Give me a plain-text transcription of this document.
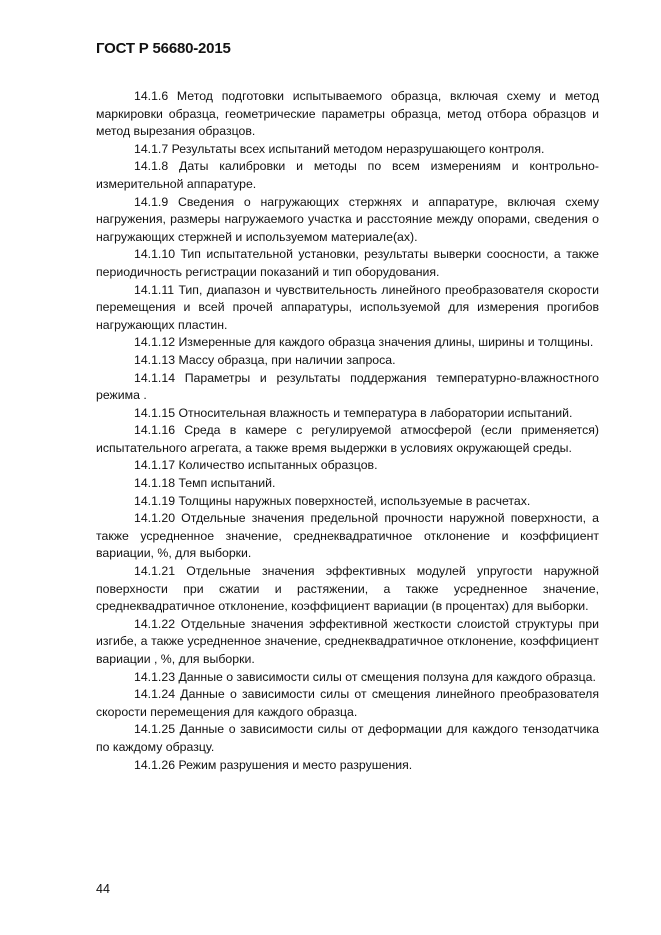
ГОСТ Р 56680-2015

14.1.6 Метод подготовки испытываемого образца, включая схему и метод маркировки образца, геометрические параметры образца, метод отбора образцов и метод вырезания образцов.

14.1.7 Результаты всех испытаний методом неразрушающего контроля.

14.1.8 Даты калибровки и методы по всем измерениям и контрольно-измерительной аппаратуре.

14.1.9 Сведения о нагружающих стержнях и аппаратуре, включая схему нагружения, размеры нагружаемого участка и расстояние между опорами, сведения о нагружающих стержней и используемом материале(ах).

14.1.10 Тип испытательной установки, результаты выверки соосности, а также периодичность регистрации показаний и тип оборудования.

14.1.11 Тип, диапазон и чувствительность линейного преобразователя скорости перемещения и всей прочей аппаратуры, используемой для измерения прогибов нагружающих пластин.

14.1.12 Измеренные для каждого образца значения длины, ширины и толщины.

14.1.13 Массу образца, при наличии запроса.

14.1.14 Параметры и результаты поддержания температурно-влажностного режима .

14.1.15 Относительная влажность и температура в лаборатории испытаний.

14.1.16 Среда в камере с регулируемой атмосферой (если применяется) испытательного агрегата, а также время выдержки в условиях окружающей среды.

14.1.17 Количество испытанных образцов.

14.1.18 Темп испытаний.

14.1.19 Толщины наружных поверхностей, используемые в расчетах.

14.1.20 Отдельные значения предельной прочности наружной поверхности, а также усредненное значение, среднеквадратичное отклонение и коэффициент вариации, %, для выборки.

14.1.21 Отдельные значения эффективных модулей упругости наружной поверхности при сжатии и растяжении, а также усредненное значение, среднеквадратичное отклонение, коэффициент вариации (в процентах) для выборки.

14.1.22 Отдельные значения эффективной жесткости слоистой структуры при изгибе, а также усредненное значение, среднеквадратичное отклонение, коэффициент вариации , %, для выборки.

14.1.23 Данные о зависимости силы от смещения ползуна для каждого образца.

14.1.24 Данные о зависимости силы от смещения линейного преобразователя скорости перемещения для каждого образца.

14.1.25 Данные о зависимости силы от деформации для каждого тензодатчика по каждому образцу.

14.1.26 Режим разрушения и место разрушения.

44
